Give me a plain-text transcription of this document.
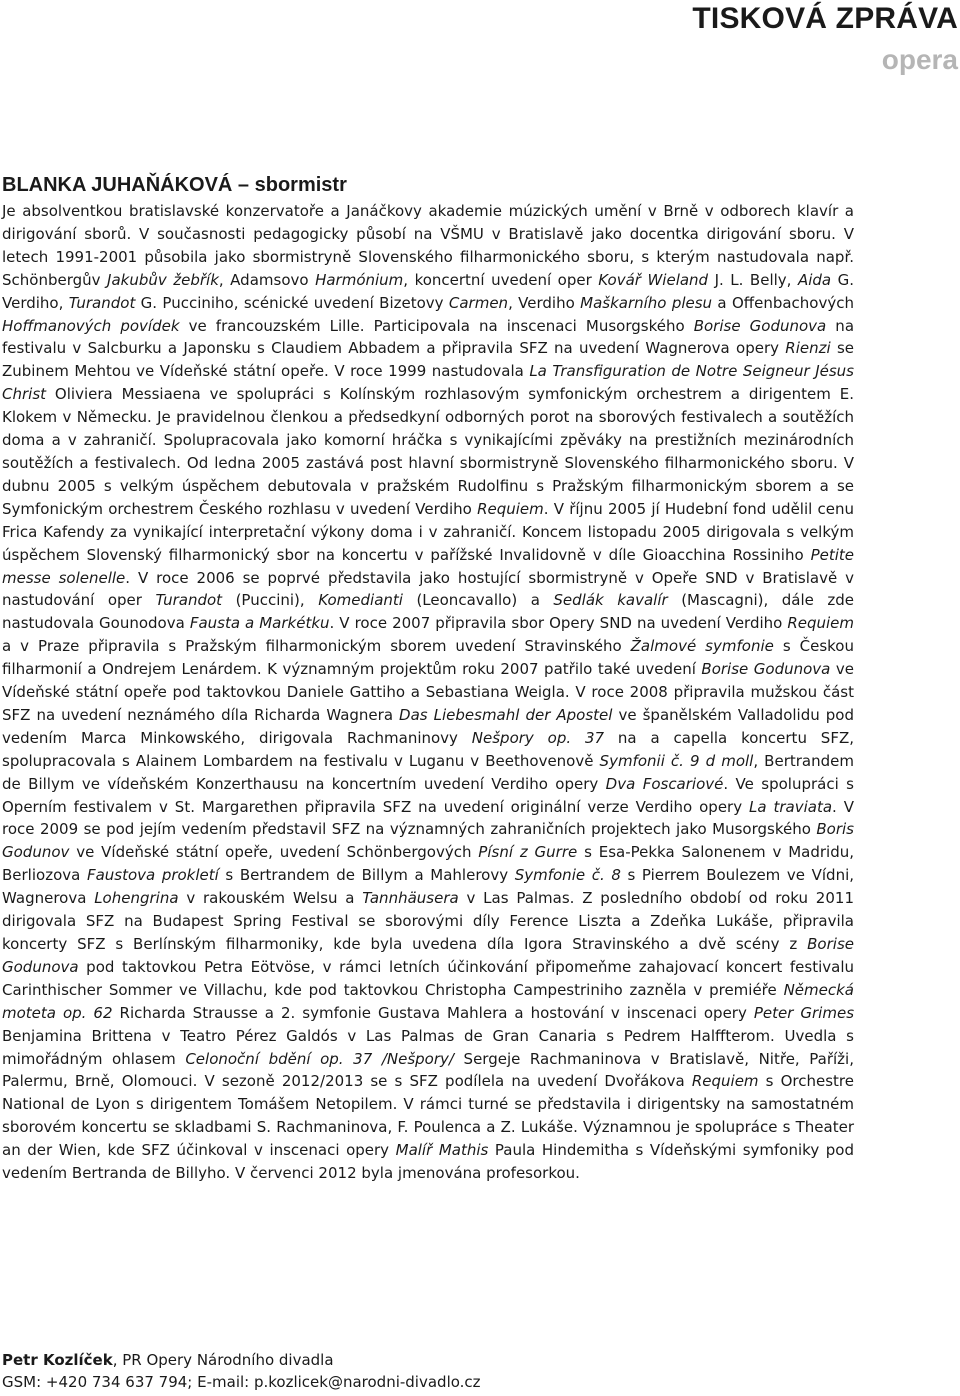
TISKOVÁ ZPRÁVA
opera
BLANKA JUHAŇÁKOVÁ – sbormistr

Je absolventkou bratislavské konzervatoře a Janáčkovy akademie múzických umění v Brně v odborech klavír a dirigování sborů. V současnosti pedagogicky působí na VŠMU v Bratislavě jako docentka dirigování sboru. V letech 1991-2001 působila jako sbormistryně Slovenského filharmonického sboru, s kterým nastudovala např. Schönbergův Jakubův žebřík, Adamsovo Harmónium, koncertní uvedení oper Kovář Wieland J. L. Belly, Aida G. Verdiho, Turandot G. Pucciniho, scénické uvedení Bizetovy Carmen, Verdiho Maškarního plesu a Offenbachových Hoffmanových povídek ve francouzském Lille. Participovala na inscenaci Musorgského Borise Godunova na festivalu v Salcburku a Japonsku s Claudiem Abbadem a připravila SFZ na uvedení Wagnerova opery Rienzi se Zubinem Mehtou ve Vídeňské státní opeře. V roce 1999 nastudovala La Transfiguration de Notre Seigneur Jésus Christ Oliviera Messiaena ve spolupráci s Kolínským rozhlasovým symfonickým orchestrem a dirigentem E. Klokem v Německu. Je pravidelnou členkou a předsedkyní odborných porot na sborových festivalech a soutěžích doma a v zahraničí. Spolupracovala jako komorní hráčka s vynikajícími zpěváky na prestižních mezinárodních soutěžích a festivalech. Od ledna 2005 zastává post hlavní sbormistryně Slovenského filharmonického sboru. V dubnu 2005 s velkým úspěchem debutovala v pražském Rudolfinu s Pražským filharmonickým sborem a se Symfonickým orchestrem Českého rozhlasu v uvedení Verdiho Requiem. V říjnu 2005 jí Hudební fond udělil cenu Frica Kafendy za vynikající interpretační výkony doma i v zahraničí. Koncem listopadu 2005 dirigovala s velkým úspěchem Slovenský filharmonický sbor na koncertu v pařížské Invalidovně v díle Gioacchina Rossiniho Petite messe solenelle. V roce 2006 se poprvé představila jako hostující sbormistryně v Opeře SND v Bratislavě v nastudování oper Turandot (Puccini), Komedianti (Leoncavallo) a Sedlák kavalír (Mascagni), dále zde nastudovala Gounodova Fausta a Markétku. V roce 2007 připravila sbor Opery SND na uvedení Verdiho Requiem a v Praze připravila s Pražským filharmonickým sborem uvedení Stravinského Žalmové symfonie s Českou filharmonií a Ondrejem Lenárdem. K významným projektům roku 2007 patřilo také uvedení Borise Godunova ve Vídeňské státní opeře pod taktovkou Daniele Gattiho a Sebastiana Weigla. V roce 2008 připravila mužskou část SFZ na uvedení neznámého díla Richarda Wagnera Das Liebesmahl der Apostel ve španělském Valladolidu pod vedením Marca Minkowského, dirigovala Rachmaninovy Nešpory op. 37 na a capella koncertu SFZ, spolupracovala s Alainem Lombardem na festivalu v Luganu v Beethovenově Symfonii č. 9 d moll, Bertrandem de Billym ve vídeňském Konzerthausu na koncertním uvedení Verdiho opery Dva Foscariové. Ve spolupráci s Operním festivalem v St. Margarethen připravila SFZ na uvedení originální verze Verdiho opery La traviata. V roce 2009 se pod jejím vedením představil SFZ na významných zahraničních projektech jako Musorgského Boris Godunov ve Vídeňské státní opeře, uvedení Schönbergových Písní z Gurre s Esa-Pekka Salonenem v Madridu, Berliozova Faustova prokletí s Bertrandem de Billym a Mahlerovy Symfonie č. 8 s Pierrem Boulezem ve Vídni, Wagnerova Lohengrina v rakouském Welsu a Tannhäusera v Las Palmas. Z posledního období od roku 2011 dirigovala SFZ na Budapest Spring Festival se sborovými díly Ference Liszta a Zdeňka Lukáše, připravila koncerty SFZ s Berlínským filharmoniky, kde byla uvedena díla Igora Stravinského a dvě scény z Borise Godunova pod taktovkou Petra Eötvöse, v rámci letních účinkování připomeňme zahajovací koncert festivalu Carinthischer Sommer ve Villachu, kde pod taktovkou Christopha Campestriniho zazněla v premiéře Německá moteta op. 62 Richarda Strausse a 2. symfonie Gustava Mahlera a hostování v inscenaci opery Peter Grimes Benjamina Brittena v Teatro Pérez Galdós v Las Palmas de Gran Canaria s Pedrem Halffterom. Uvedla s mimořádným ohlasem Celonoční bdění op. 37 /Nešpory/ Sergeje Rachmaninova v Bratislavě, Nitře, Paříži, Palermu, Brně, Olomouci. V sezoně 2012/2013 se s SFZ podílela na uvedení Dvořákova Requiem s Orchestre National de Lyon s dirigentem Tomášem Netopilem. V rámci turné se představila i dirigentsky na samostatném sborovém koncertu se skladbami S. Rachmaninova, F. Poulenca a Z. Lukáše. Významnou je spolupráce s Theater an der Wien, kde SFZ účinkoval v inscenaci opery Malíř Mathis Paula Hindemitha s Vídeňskými symfoniky pod vedením Bertranda de Billyho. V červenci 2012 byla jmenována profesorkou.

Petr Kozlíček, PR Opery Národního divadla
GSM: +420 734 637 794; E-mail: p.kozlicek@narodni-divadlo.cz
